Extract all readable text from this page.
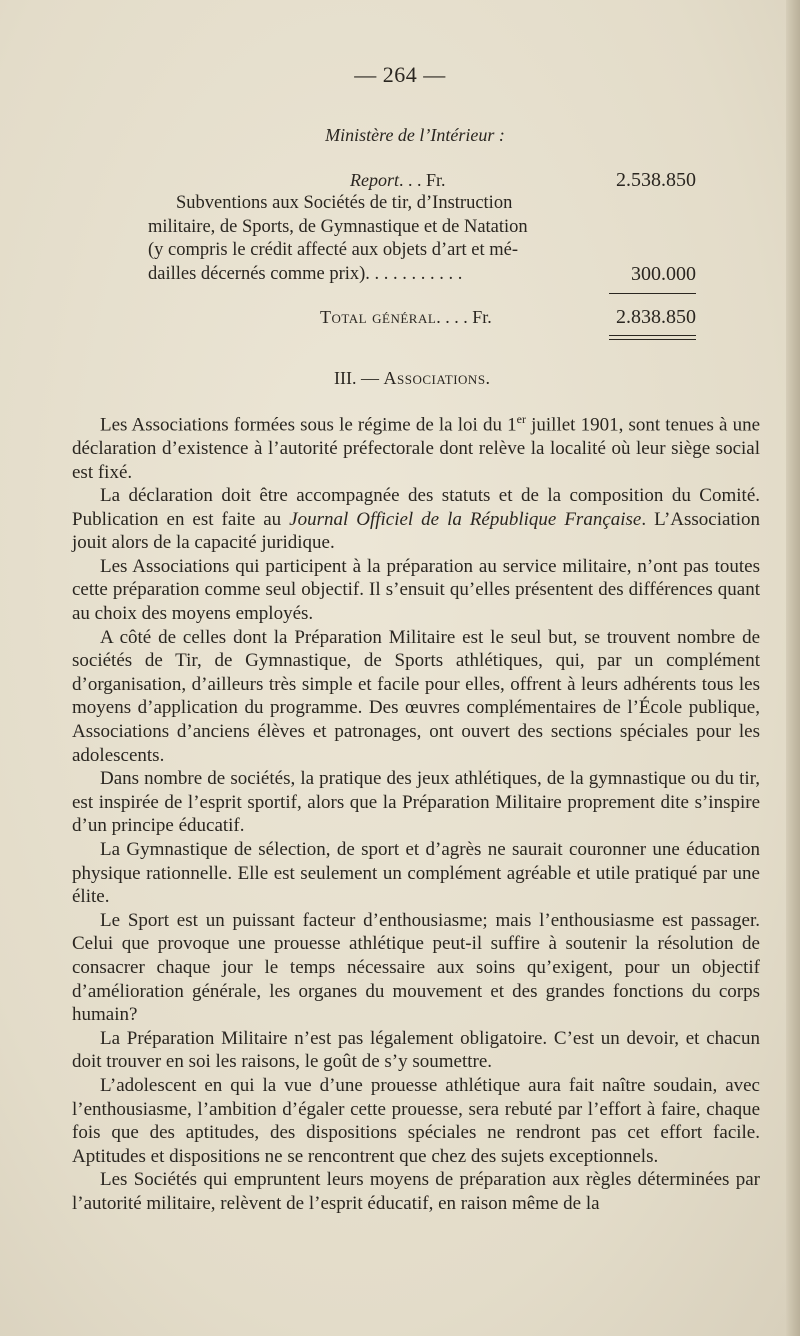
— 264 —
Ministère de l’Intérieur :
Report. . . Fr.	2.538.850
Subventions aux Sociétés de tir, d’Instruction
militaire, de Sports, de Gymnastique et de Natation
(y compris le crédit affecté aux objets d’art et mé-
dailles décernés comme prix). . . . . . . . . . .	300.000
Total général. . . . Fr.	2.838.850
III. — Associations.

Les Associations formées sous le régime de la loi du 1er juillet 1901, sont tenues à une déclaration d’existence à l’autorité préfectorale dont relève la localité où leur siège social est fixé.

La déclaration doit être accompagnée des statuts et de la composition du Comité. Publication en est faite au Journal Officiel de la République Française. L’Association jouit alors de la capacité juridique.

Les Associations qui participent à la préparation au service militaire, n’ont pas toutes cette préparation comme seul objectif. Il s’ensuit qu’elles présentent des différences quant au choix des moyens employés.

A côté de celles dont la Préparation Militaire est le seul but, se trouvent nombre de sociétés de Tir, de Gymnastique, de Sports athlétiques, qui, par un complément d’organisation, d’ailleurs très simple et facile pour elles, offrent à leurs adhérents tous les moyens d’application du programme. Des œuvres complémentaires de l’École publique, Associations d’anciens élèves et patronages, ont ouvert des sections spéciales pour les adolescents.

Dans nombre de sociétés, la pratique des jeux athlétiques, de la gymnastique ou du tir, est inspirée de l’esprit sportif, alors que la Préparation Militaire proprement dite s’inspire d’un principe éducatif.

La Gymnastique de sélection, de sport et d’agrès ne saurait couronner une éducation physique rationnelle. Elle est seulement un complément agréable et utile pratiqué par une élite.

Le Sport est un puissant facteur d’enthousiasme; mais l’enthousiasme est passager. Celui que provoque une prouesse athlétique peut-il suffire à soutenir la résolution de consacrer chaque jour le temps nécessaire aux soins qu’exigent, pour un objectif d’amélioration générale, les organes du mouvement et des grandes fonctions du corps humain?

La Préparation Militaire n’est pas légalement obligatoire. C’est un devoir, et chacun doit trouver en soi les raisons, le goût de s’y soumettre.

L’adolescent en qui la vue d’une prouesse athlétique aura fait naître soudain, avec l’enthousiasme, l’ambition d’égaler cette prouesse, sera rebuté par l’effort à faire, chaque fois que des aptitudes, des dispositions spéciales ne rendront pas cet effort facile. Aptitudes et dispositions ne se rencontrent que chez des sujets exceptionnels.

Les Sociétés qui empruntent leurs moyens de préparation aux règles déterminées par l’autorité militaire, relèvent de l’esprit éducatif, en raison même de la
